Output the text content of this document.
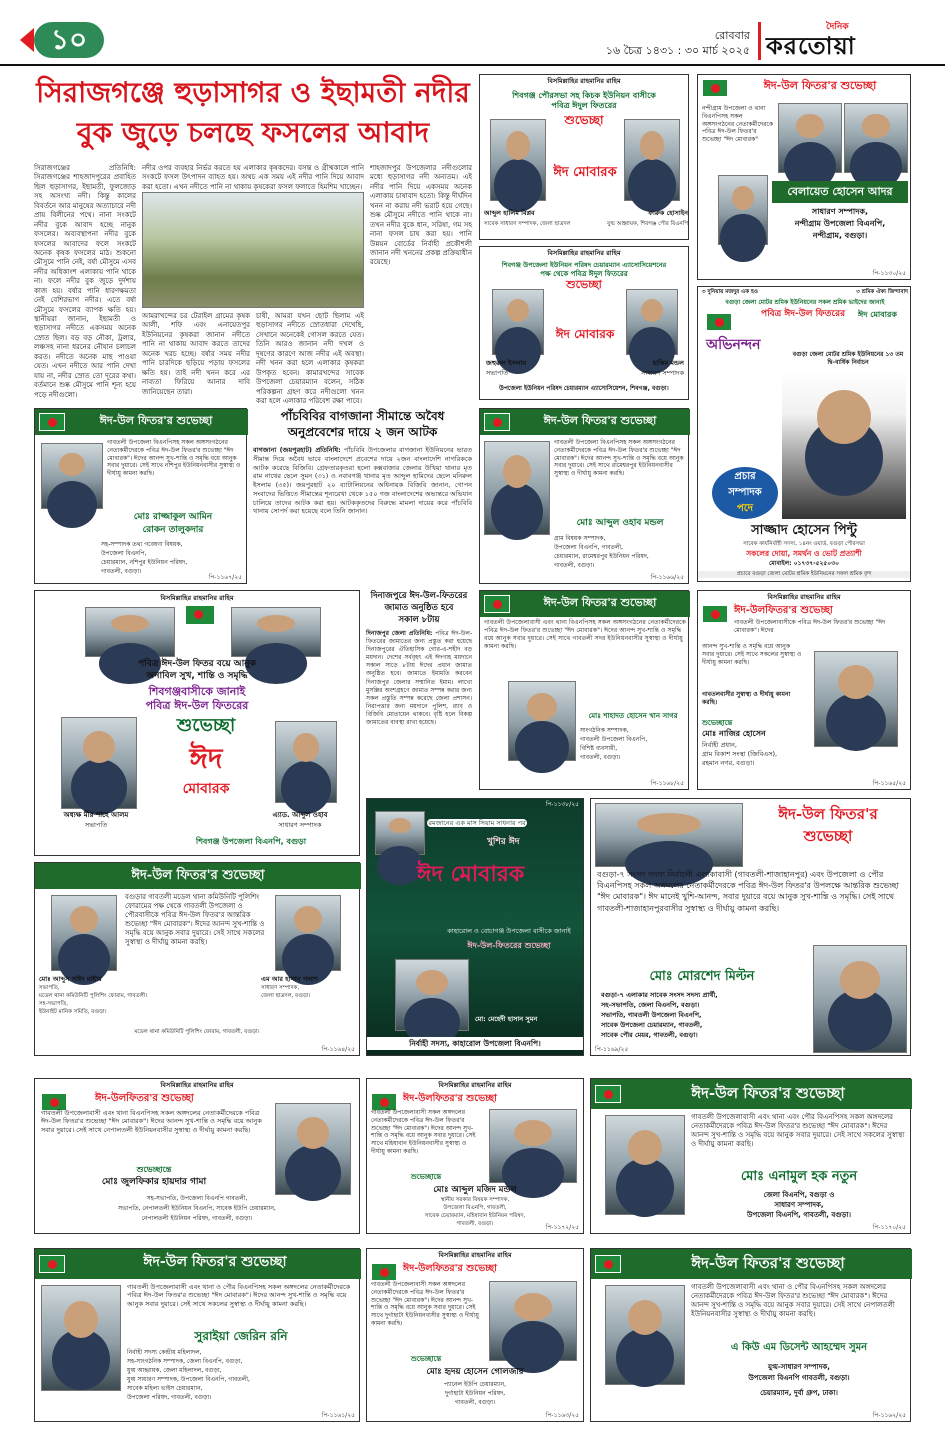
১০	রোববার
১৬ চৈত্র ১৪৩১ : ৩০ মার্চ ২০২৫
দৈনিক
করতোয়া
সিরাজগঞ্জে হুড়াসাগর ও ইছামতী নদীর
বুক জুড়ে চলছে ফসলের আবাদ
সিরাজগঞ্জের প্রতিনিধি: সিরাজগঞ্জের শাহজাদপুরের প্রবাহিত ছিল হুড়াসাগর, ইছামতী, ফুলজোড় সহ অসংখ্য নদী। কিন্তু কালের বিবর্তনে আর মানুষের অত্যাচারে নদী প্রায় বিলীনের পথে। নানা সংকটে নদীর বুকে আবাদ হচ্ছে নানুক ফসলের। অব্যবস্থাপনা নদীর বুকে ফসলের আবাদের ফলে সংকটে অনেক কৃষক ফসলের মাঠ। শুকনো মৌসুমে পানি নেই, বর্ষা মৌসুমে এসব নদীর অধিকাংশ এলাকায় পানি থাকে না। ফলে নদীর বুক জুড়ে দুর্দশায় কাজ হয়। বর্ষার পানি ধারণক্ষমতা নেই বেশিরভাগ নদীর। এতে বর্ষা মৌসুমে ফসলের ব্যাপক ক্ষতি হয়। স্থানীয়রা জানান, ইছামতী ও হুড়াসাগর নদীতে একসময় অনেক স্রোত ছিল। বড় বড় নৌকা, ট্রলার, লঞ্চসহ নানা ধরনের নৌযান চলাচল করত। নদীতে অনেক মাছ পাওয়া যেত। এখন নদীতে আর পানি দেখা যায় না, নদীর স্রোত তো দূরের কথা। বর্তমানে শুষ্ক মৌসুমে পানি শূন্য হয়ে পড়ে নদীগুলো।
নদীর ওপর ব্যবহার নির্ভর করতে হয় এলাকার কৃষকদের। বসন্ত ও গ্রীষ্মকালে পানি সংকটে ফসল উৎপাদন ব্যাহত হয়। অথচ এক সময় এই নদীর পানি দিয়ে আবাদ করা হতো। এখন নদীতে পানি না থাকায় কৃষকেরা ফসল ফলাতে হিমশিম খাচ্ছেন।
আমরাখন্দের চর টেরাইল গ্রামের কৃষক আলী, শফি এবং এনায়েতপুর ইউনিয়নের কৃষকরা জানান নদীতে পানি না থাকায় আবাদ করতে তাদের অনেক খরচ হচ্ছে। বর্ষার সময় নদীর পানি চারদিকে ছড়িয়ে পড়ায় ফসলের ক্ষতি হয়। তাই নদী খনন করে এর নাব্যতা ফিরিয়ে আনার দাবি জানিয়েছেন তারা।
চাষী, আমরা যখন ছোট ছিলাম এই হুড়াসাগর নদীতে স্রোতধারা দেখেছি, সেখানে অনেকেই গোসল করতে যেত। তিনি আরও জানান নদী দখল ও দূষণের কারণে আজ নদীর এই অবস্থা। নদী খনন করা হলে এলাকার কৃষকরা উপকৃত হবেন। কামারখন্দের সাবেক উপজেলা চেয়ারম্যান বলেন, সঠিক পরিকল্পনা গ্রহণ করে নদীগুলো খনন করা হলে এলাকার পরিবেশ রক্ষা পাবে।
শাহজাদপুর উপজেলার নদীগুলোর মধ্যে হুড়াসাগর নদী অন্যতম। এই নদীর পানি দিয়ে একসময় অনেক এলাকায় চাষাবাদ হতো। কিন্তু দীর্ঘদিন খনন না করায় নদী ভরাট হয়ে গেছে। শুষ্ক মৌসুমে নদীতে পানি থাকে না। তখন নদীর বুকে ধান, সরিষা, গম সহ নানা ফসল চাষ করা হয়। পানি উন্নয়ন বোর্ডের নির্বাহী প্রকৌশলী জানান নদী খননের প্রকল্প প্রক্রিয়াধীন রয়েছে।
বিসমিল্লাহির রাহমানির রাহিম
শিবগঞ্জ পৌরসভা সহ কিচক ইউনিয়ন বাসীকে
পবিত্র ঈদুল ফিতরের
শুভেচ্ছা
ঈদ মোবারক
আব্দুল হালিম বিপ্লব
সাবেক সাধারণ সম্পাদক, জেলা ছাত্রদল
ফারুক হোসাইন
যুগ্ম আহ্বায়ক, শিবগঞ্জ পৌর বিএনপি
ঈদ-উল ফিতর'র শুভেচ্ছা
নন্দীগ্রাম উপজেলা ও থানা বিএনপিসহ সকল অঙ্গসংগঠনের নেতাকর্মীদেরকে পবিত্র ঈদ-উল ফিতর'র শুভেচ্ছা "ঈদ মোবারক"
বেলায়েত হোসেন আদর
সাধারণ সম্পাদক,
নন্দীগ্রাম উপজেলা বিএনপি,
নন্দীগ্রাম, বগুড়া।
পি-১১৩০/২৫
বিসমিল্লাহির রাহমানির রাহিম
শিবগঞ্জ উপজেলা ইউনিয়ন পরিষদ চেয়ারম্যান এ্যাসোসিয়েশনের
পক্ষ থেকে পবিত্র ঈদুল ফিতরের
শুভেচ্ছা
ঈদ মোবারক
জহুরুল ইসলাম
সভাপতি
হাকিম মন্ডল
সাধারণ সম্পাদক
উপজেলা ইউনিয়ন পরিষদ চেয়ারম্যান এ্যাসোসিয়েশন, শিবগঞ্জ, বগুড়া।
৩ দুনিয়ায় মজদুর এক হও	৩ শ্রমিক ঐক্য জিন্দাবাদ
বগুড়া জেলা মোটর শ্রমিক ইউনিয়নের সকল শ্রমিক ভাইদের জানাই
পবিত্র ঈদ-উল ফিতরের	ঈদ মোবারক
অভিনন্দন
বগুড়া জেলা মোটর শ্রমিক ইউনিয়নের ১৩ তম দ্বি-বার্ষিক নির্বাচন
প্রচার
সম্পাদক
পদে
সাজ্জাদ হোসেন পিন্টু
সাবেক কার্যনির্বাহী সদস্য, ১৪নং ওয়ার্ড, বগুড়া পৌরসভা
সকলের দোয়া, সমর্থন ও ভোট প্রত্যাশী
মোবাইল: ০১৭৩৭-৫২৫০৩০
প্রচারে বগুড়া জেলা মোটর শ্রমিক ইউনিয়নের সকল শ্রমিক বৃন্দ
ঈদ-উল ফিতর'র শুভেচ্ছা
গাবতলী উপজেলা বিএনপিসহ সকল অঙ্গসংগঠনের নেতাকর্মীদেরকে পবিত্র ঈদ-উল ফিতর'র শুভেচ্ছা "ঈদ মোবারক"। ঈদের আনন্দ সুখ-শান্তি ও সমৃদ্ধি বয়ে আনুক সবার দুয়ারে। সেই সাথে নশিপুর ইউনিয়নবাসীর সুস্বাস্থ্য ও দীর্ঘায়ু কামনা করছি।
মোঃ রাজ্জাকুল আমিন
রোকন তালুকদার
সহ-সম্পাদক তথ্য গবেষণা বিষয়ক,
উপজেলা বিএনপি,
চেয়ারম্যান, নশিপুর ইউনিয়ন পরিষদ,
গাবতলী, বগুড়া।
পি-১১৬৭/২৫
পাঁচবিবির বাগজানা সীমান্তে অবৈধ
অনুপ্রবেশের দায়ে ২ জন আটক
বাগজানা (জয়পুরহাট) প্রতিনিধি: পাঁচবিবি উপজেলার বাগজানা ইউনিয়নের ভারত সীমান্ত দিয়ে অবৈধ ভাবে বাংলাদেশে প্রবেশের দায়ে ২জন বাংলাদেশি নাগরিককে আটক করেছে বিজিবি। গ্রেফতারকৃতরা হলো কক্সবাজার জেলার উখিয়া থানার মৃত রাম নাথের ছেলে সুমন (৩১) ও নবাবগঞ্জ থানার মৃত আব্দুল হামিদের ছেলে মনিরুল ইসলাম (৩৫)। জয়পুরহাট ২০ ব্যাটালিয়নের অধিনায়ক বিজিবি জানান, গোপন সংবাদের ভিত্তিতে সীমান্তের শূন্যরেখা থেকে ১৫০ গজ বাংলাদেশের অভ্যন্তরে অভিযান চালিয়ে তাদের আটক করা হয়। আটককৃতদের বিরুদ্ধে মামলা দায়ের করে পাঁচবিবি থানায় সোপর্দ করা হয়েছে বলে তিনি জানান।
ঈদ-উল ফিতর'র শুভেচ্ছা
গাবতলী উপজেলা বিএনপিসহ সকল অঙ্গসংগঠনের নেতাকর্মীদেরকে পবিত্র ঈদ-উল ফিতর'র শুভেচ্ছা "ঈদ মোবারক"। ঈদের আনন্দ সুখ-শান্তি ও সমৃদ্ধি বয়ে আনুক সবার দুয়ারে। সেই সাথে রামেশ্বরপুর ইউনিয়নবাসীর সুস্বাস্থ্য ও দীর্ঘায়ু কামনা করছি।
মোঃ আব্দুল ওহাব মন্ডল
গ্রাম বিষয়ক সম্পাদক,
উপজেলা বিএনপি, গাবতলী,
চেয়ারম্যান, রামেশ্বরপুর ইউনিয়ন পরিষদ,
গাবতলী, বগুড়া।
পি-১১৬৬/২৫
বিসমিল্লাহির রাহমানির রাহিম
পবিত্র ঈদ-উল ফিতর বয়ে আনুক
অনাবিল সুখ, শান্তি ও সমৃদ্ধি
শিবগঞ্জবাসীকে জানাই
পবিত্র ঈদ-উল ফিতরের
শুভেচ্ছা
ঈদ
মোবারক
অধ্যক্ষ মীর শাহে আলম
সভাপতি
এ্যাড. আব্দুল ওহাব
সাধারণ সম্পাদক
শিবগঞ্জ উপজেলা বিএনপি, বগুড়া
দিনাজপুরে ঈদ-উল-ফিতরের
জামাত অনুষ্ঠিত হবে
সকাল ৮টায়
দিনাজপুর জেলা প্রতিনিধি: পবিত্র ঈদ-উল-ফিতরের জামাতের জন্য প্রস্তুত করা হয়েছে দিনাজপুরের ঐতিহাসিক গোর-এ-শহীদ বড় ময়দান। দেশের সর্ববৃহৎ এই ঈদগাহ ময়দানে সকাল সাড়ে ৮টায় ঈদের প্রধান জামাত অনুষ্ঠিত হবে। জামাতে ইমামতি করবেন দিনাজপুর জেলার সম্মানিত ইমাম। লাখো মুসল্লির অংশগ্রহণে জামাত সম্পন্ন করার জন্য সকল প্রস্তুতি সম্পন্ন করেছে জেলা প্রশাসন। নিরাপত্তার জন্য ময়দানে পুলিশ, র‍্যাব ও বিজিবি মোতায়েন থাকবে। বৃষ্টি হলে বিকল্প জামাতের ব্যবস্থা রাখা হয়েছে।
ঈদ-উল ফিতর'র শুভেচ্ছা
গাবতলী উপজেলাবাসী এবং থানা বিএনপিসহ সকল অঙ্গসংগঠনের নেতাকর্মীদেরকে পবিত্র ঈদ-উল ফিতর'র শুভেচ্ছা "ঈদ মোবারক"। ঈদের আনন্দ সুখ-শান্তি ও সমৃদ্ধি বয়ে আনুক সবার দুয়ারে। সেই সাথে গাবতলী সদর ইউনিয়নবাসীর সুস্বাস্থ্য ও দীর্ঘায়ু কামনা করছি।
মোঃ শাহাদত হোসেন খান সাগর
সাংগঠনিক সম্পাদক,
গাবতলী উপজেলা বিএনপি,
বিশিষ্ট ব্যবসায়ী,
গাবতলী, বগুড়া।
পি-১১৬৮/২৫
বিসমিল্লাহির রাহমানির রাহিম
ঈদ-উলফিতর'র শুভেচ্ছা
গাবতলী উপজেলাবাসীকে পবিত্র ঈদ-উল ফিতর'র শুভেচ্ছা "ঈদ মোবারক"। ঈদের
আনন্দ সুখ-শান্তি ও সমৃদ্ধি বয়ে আনুক সবার দুয়ারে। সেই সাথে সকলের সুস্বাস্থ্য ও দীর্ঘায়ু কামনা করছি।
গাবতলবাসীর সুস্বাস্থ্য ও দীর্ঘায়ু কামনা করছি।
শুভেচ্ছান্তে
মোঃ নাজির হোসেন
নির্বাহী প্রধান,
গ্রাম বিকাশ সংস্থা (জিবিএস),
রহমান নগর, বগুড়া।
পি-১১৬৫/২৫
রমজানের এক মাস সিয়াম সাধনার পর
খুশির ঈদ
ঈদ মোবারক
কাহারোল ও বোচাগঞ্জ উপজেলা বাসীকে জানাই
ঈদ-উল-ফিতরের শুভেচ্ছা
মো: মেহেদী হাসান সুমন
নির্বাহী সদস্য, কাহারোল উপজেলা বিএনপি।
পি-১১৩৮/২৫
ঈদ-উল ফিতর'র
শুভেচ্ছা
বগুড়া-৭ সংসদ সদস্য নির্বাচনী এলাকাবাসী (গাবতলী-শাজাহানপুর) এবং উপজেলা ও পৌর বিএনপিসহ সকল অঙ্গদলের নেতাকর্মীদেরকে পবিত্র ঈদ-উল ফিতর'র উপলক্ষে আন্তরিক শুভেচ্ছা "ঈদ মোবারক"। ঈদ মানেই খুশি-আনন্দ, সবার দুয়ারে বয়ে আনুক সুখ-শান্তি ও সমৃদ্ধি। সেই সাথে গাবতলী-শাজাহানপুরবাসীর সুস্বাস্থ্য ও দীর্ঘায়ু কামনা করছি।
মোঃ মোরশেদ মিল্টন
বগুড়া-৭ এলাকার সাবেক সংসদ সদস্য প্রার্থী,
সহ-সভাপতি, জেলা বিএনপি, বগুড়া।
সভাপতি, গাবতলী উপজেলা বিএনপি,
সাবেক উপজেলা চেয়ারম্যান, গাবতলী,
সাবেক পৌর মেয়র, গাবতলী, বগুড়া।
পি-১১৬৯/২৫
ঈদ-উল ফিতর'র শুভেচ্ছা
বগুড়ার গাবতলী মডেল থানা কমিউনিটি পুলিশিং ফোরামের পক্ষ থেকে গাবতলী উপজেলা ও পৌরবাসীকে পবিত্র ঈদ-উল ফিতর'র আন্তরিক শুভেচ্ছা "ঈদ মোবারক"। ঈদের আনন্দ সুখ-শান্তি ও সমৃদ্ধি বয়ে আনুক সবার দুয়ারে। সেই সাথে সকলের সুস্বাস্থ্য ও দীর্ঘায়ু কামনা করছি।
মোঃ আব্দুস সাইদ মাষ্টার
সভাপতি,
মডেল থানা কমিউনিটি পুলিশিং ফোরাম, গাবতলী।
সহ-সভাপতি,
ইউনাইট মানিক সমিতি, বগুড়া।
এম আর হাসান পলাশ
সাধারণ সম্পাদক,
জেলা ছাত্রদল, বগুড়া।
মডেল থানা কমিউনিটি পুলিশিং ফোরাম, গাবতলী, বগুড়া।
পি-১১৬৪/২৫
বিসমিল্লাহির রাহমানির রাহিম
ঈদ-উলফিতর'র শুভেচ্ছা
গাবতলী উপজেলাবাসী এবং থানা বিএনপিসহ সকল অঙ্গদলের নেতাকর্মীদেরকে পবিত্র ঈদ-উল ফিতর'র শুভেচ্ছা "ঈদ মোবারক"। ঈদের আনন্দ সুখ-শান্তি ও সমৃদ্ধি বয়ে আনুক সবার দুয়ারে। সেই সাথে নেপালতলী ইউনিয়নবাসীর সুস্বাস্থ্য ও দীর্ঘায়ু কামনা করছি।
শুভেচ্ছান্তে
মোঃ জুলফিকার হায়দার গামা
সহ-সভাপতি, উপজেলা বিএনপি গাবতলী,
সভাপতি, নেপালতলী ইউনিয়ন বিএনপি, সাবেক ইউপি চেয়ারম্যান,
নেপালতলী ইউনিয়ন পরিষদ, গাবতলী, বগুড়া।
বিসমিল্লাহির রাহমানির রাহিম
ঈদ-উলফিতর'র শুভেচ্ছা
গাবতলী উপজেলাবাসী সকল অঙ্গদলের নেতাকর্মীদেরকে পবিত্র ঈদ-উল ফিতর'র শুভেচ্ছা "ঈদ মোবারক"। ঈদের আনন্দ সুখ-শান্তি ও সমৃদ্ধি বয়ে আনুক সবার দুয়ারে। সেই সাথে মহিষাবান ইউনিয়নবাসীর সুস্বাস্থ্য ও দীর্ঘায়ু কামনা করছি।
শুভেচ্ছান্তে
মোঃ আব্দুল মজিদ মন্ডল
স্থানীয় সরকার বিষয়ক সম্পাদক,
উপজেলা বিএনপি, গাবতলী,
সাবেক চেয়ারম্যান, মহিষাবান ইউনিয়ন পরিষদ,
গাবতলী, বগুড়া।	পি-১১৭২/২৫
ঈদ-উল ফিতর'র শুভেচ্ছা
গাবতলী উপজেলাবাসী এবং থানা এবং পৌর বিএনপিসহ সকল অঙ্গদলের নেতাকর্মীদেরকে পবিত্র ঈদ-উল ফিতর'র শুভেচ্ছা "ঈদ মোবারক"। ঈদের আনন্দ সুখ-শান্তি ও সমৃদ্ধি বয়ে আনুক সবার দুয়ারে। সেই সাথে সকলের সুস্বাস্থ্য ও দীর্ঘায়ু কামনা করছি।
মোঃ এনামুল হক নতুন
জেলা বিএনপি, বগুড়া ও
সাধারণ সম্পাদক,
উপজেলা বিএনপি, গাবতলী, বগুড়া।
পি-১১৭০/২৫
ঈদ-উল ফিতর'র শুভেচ্ছা
গাবতলী উপজেলাবাসী এবং থানা ও পৌর বিএনপিসহ সকল অঙ্গদলের নেতাকর্মীদেরকে পবিত্র ঈদ-উল ফিতর'র শুভেচ্ছা "ঈদ মোবারক"। ঈদের আনন্দ সুখ-শান্তি ও সমৃদ্ধি বয়ে আনুক সবার দুয়ারে। সেই সাথে সকলের সুস্বাস্থ্য ও দীর্ঘায়ু কামনা করছি।
সুরাইয়া জেরিন রনি
নির্বাহী সদস্য কেন্দ্রীয় মহিলাদল,
সহ-সাংগঠনিক সম্পাদক, জেলা বিএনপি, বগুড়া,
যুগ্ম আহ্বায়ক, জেলা মহিলাদল, বগুড়া,
যুগ্ম সাধারণ সম্পাদক, উপজেলা বিএনপি, গাবতলী,
সাবেক মহিলা ভাইস চেয়ারম্যান,
উপজেলা পরিষদ, গাবতলী, বগুড়া।
পি-১১৬১/২৫
বিসমিল্লাহির রাহমানির রাহিম
ঈদ-উলফিতর'র শুভেচ্ছা
গাবতলী উপজেলাবাসী সকল অঙ্গদলের নেতাকর্মীদেরকে পবিত্র ঈদ-উল ফিতর'র শুভেচ্ছা "ঈদ মোবারক"। ঈদের আনন্দ সুখ-শান্তি ও সমৃদ্ধি বয়ে আনুক সবার দুয়ারে। সেই সাথে দুর্গাহাটা ইউনিয়নবাসীর সুস্বাস্থ্য ও দীর্ঘায়ু কামনা করছি।
শুভেচ্ছান্তে
মোঃ হৃদয় হোসেন গোলজার
প্যানেল ইউপি চেয়ারম্যান,
দুর্গাহাটা ইউনিয়ন পরিষদ,
গাবতলী, বগুড়া।
পি-১১৬৩/২৫
ঈদ-উল ফিতর'র শুভেচ্ছা
গাবতলী উপজেলাবাসী এবং থানা ও পৌর বিএনপিসহ সকল অঙ্গদলের নেতাকর্মীদেরকে পবিত্র ঈদ-উল ফিতর'র শুভেচ্ছা "ঈদ মোবারক"। ঈদের আনন্দ সুখ-শান্তি ও সমৃদ্ধি বয়ে আনুক সবার দুয়ারে। সেই সাথে নেপালতলী ইউনিয়নবাসীর সুস্বাস্থ্য ও দীর্ঘায়ু কামনা করছি।
এ কিউ এম ডিসেন্ট আহম্মেদ সুমন
যুগ্ম-সাধারণ সম্পাদক,
উপজেলা বিএনপি গাবতলী, বগুড়া।
চেয়ারম্যান, দুর্বা গ্রুপ, ঢাকা।
পি-১১৬২/২৫
